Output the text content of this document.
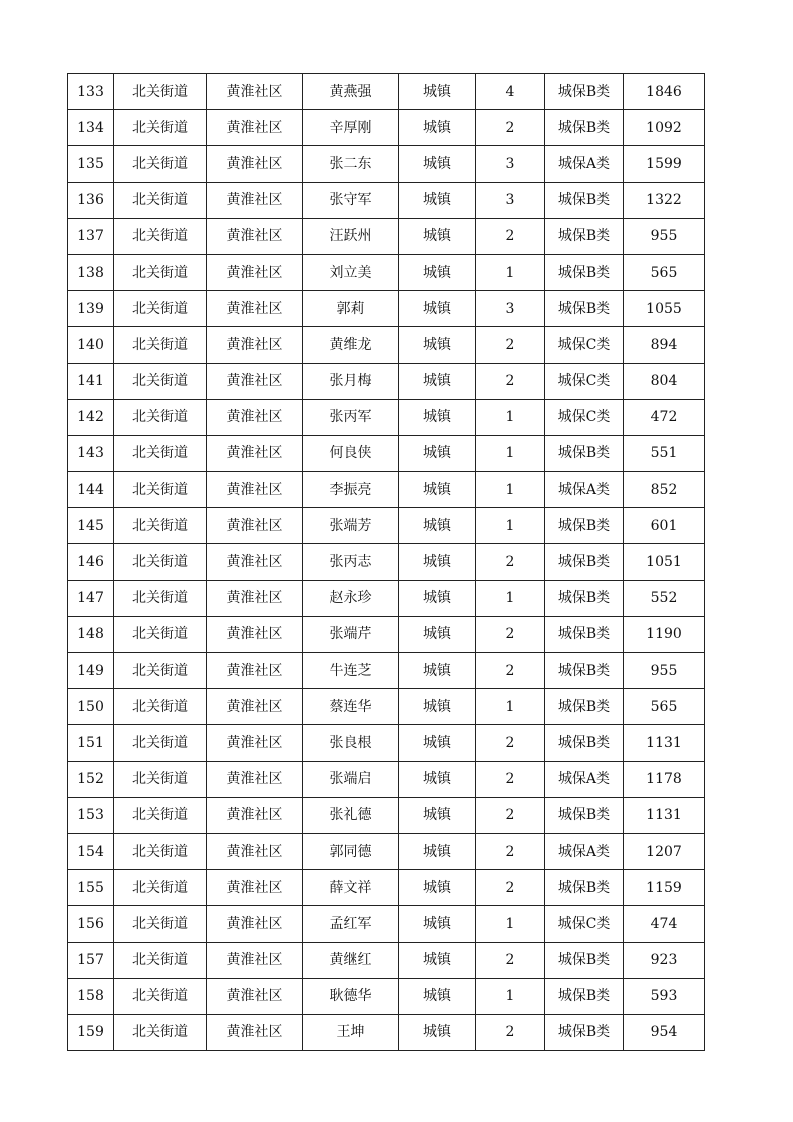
133	北关街道	黄淮社区	黄燕强	城镇	4	城保B类	1846
134	北关街道	黄淮社区	辛厚刚	城镇	2	城保B类	1092
135	北关街道	黄淮社区	张二东	城镇	3	城保A类	1599
136	北关街道	黄淮社区	张守军	城镇	3	城保B类	1322
137	北关街道	黄淮社区	汪跃州	城镇	2	城保B类	955
138	北关街道	黄淮社区	刘立美	城镇	1	城保B类	565
139	北关街道	黄淮社区	郭莉	城镇	3	城保B类	1055
140	北关街道	黄淮社区	黄维龙	城镇	2	城保C类	894
141	北关街道	黄淮社区	张月梅	城镇	2	城保C类	804
142	北关街道	黄淮社区	张丙军	城镇	1	城保C类	472
143	北关街道	黄淮社区	何良侠	城镇	1	城保B类	551
144	北关街道	黄淮社区	李振亮	城镇	1	城保A类	852
145	北关街道	黄淮社区	张端芳	城镇	1	城保B类	601
146	北关街道	黄淮社区	张丙志	城镇	2	城保B类	1051
147	北关街道	黄淮社区	赵永珍	城镇	1	城保B类	552
148	北关街道	黄淮社区	张端芹	城镇	2	城保B类	1190
149	北关街道	黄淮社区	牛连芝	城镇	2	城保B类	955
150	北关街道	黄淮社区	蔡连华	城镇	1	城保B类	565
151	北关街道	黄淮社区	张良根	城镇	2	城保B类	1131
152	北关街道	黄淮社区	张端启	城镇	2	城保A类	1178
153	北关街道	黄淮社区	张礼德	城镇	2	城保B类	1131
154	北关街道	黄淮社区	郭同德	城镇	2	城保A类	1207
155	北关街道	黄淮社区	薛文祥	城镇	2	城保B类	1159
156	北关街道	黄淮社区	孟红军	城镇	1	城保C类	474
157	北关街道	黄淮社区	黄继红	城镇	2	城保B类	923
158	北关街道	黄淮社区	耿德华	城镇	1	城保B类	593
159	北关街道	黄淮社区	王坤	城镇	2	城保B类	954
